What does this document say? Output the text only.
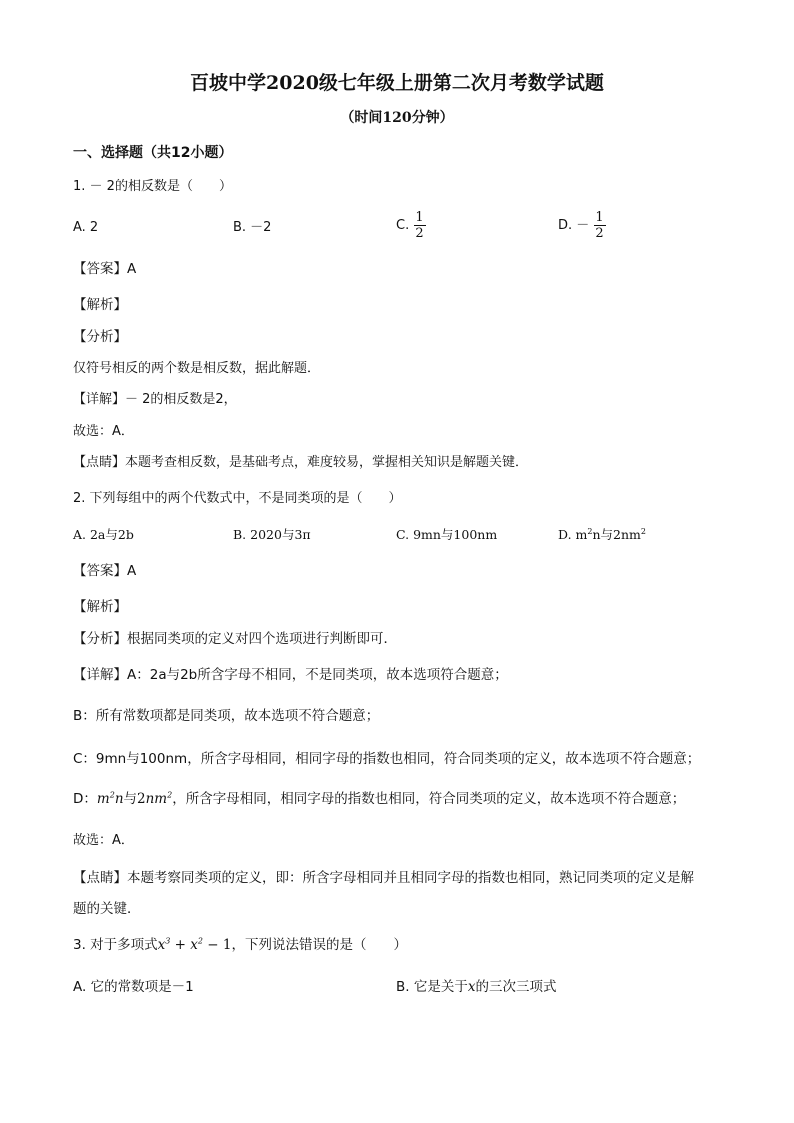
百坡中学2020级七年级上册第二次月考数学试题
（时间120分钟）
一、选择题（共12小题）
1. － 2的相反数是（　　）
A. 2	B. －2	C. $\frac{1}{2}$	D. － $\frac{1}{2}$
【答案】A
【解析】
【分析】
仅符号相反的两个数是相反数，据此解题．
【详解】－ 2的相反数是2，
故选：A．
【点睛】本题考查相反数，是基础考点，难度较易，掌握相关知识是解题关键．
2. 下列每组中的两个代数式中，不是同类项的是（　　）
A. 2a与2b	B. 2020与3π	C. 9mn与100nm	D. $m^2n$与$2nm^2$
【答案】A
【解析】
【分析】根据同类项的定义对四个选项进行判断即可．
【详解】A：2a与2b所含字母不相同，不是同类项，故本选项符合题意；
B：所有常数项都是同类项，故本选项不符合题意；
C：9mn与100nm，所含字母相同，相同字母的指数也相同，符合同类项的定义，故本选项不符合题意；
D：$m^2n$与$2nm^2$，所含字母相同，相同字母的指数也相同，符合同类项的定义，故本选项不符合题意；
故选：A．
【点睛】本题考察同类项的定义，即：所含字母相同并且相同字母的指数也相同，熟记同类项的定义是解
题的关键．
3. 对于多项式$x^3 + x^2 - 1$，下列说法错误的是（　　）
A. 它的常数项是－1	B. 它是关于x的三次三项式
